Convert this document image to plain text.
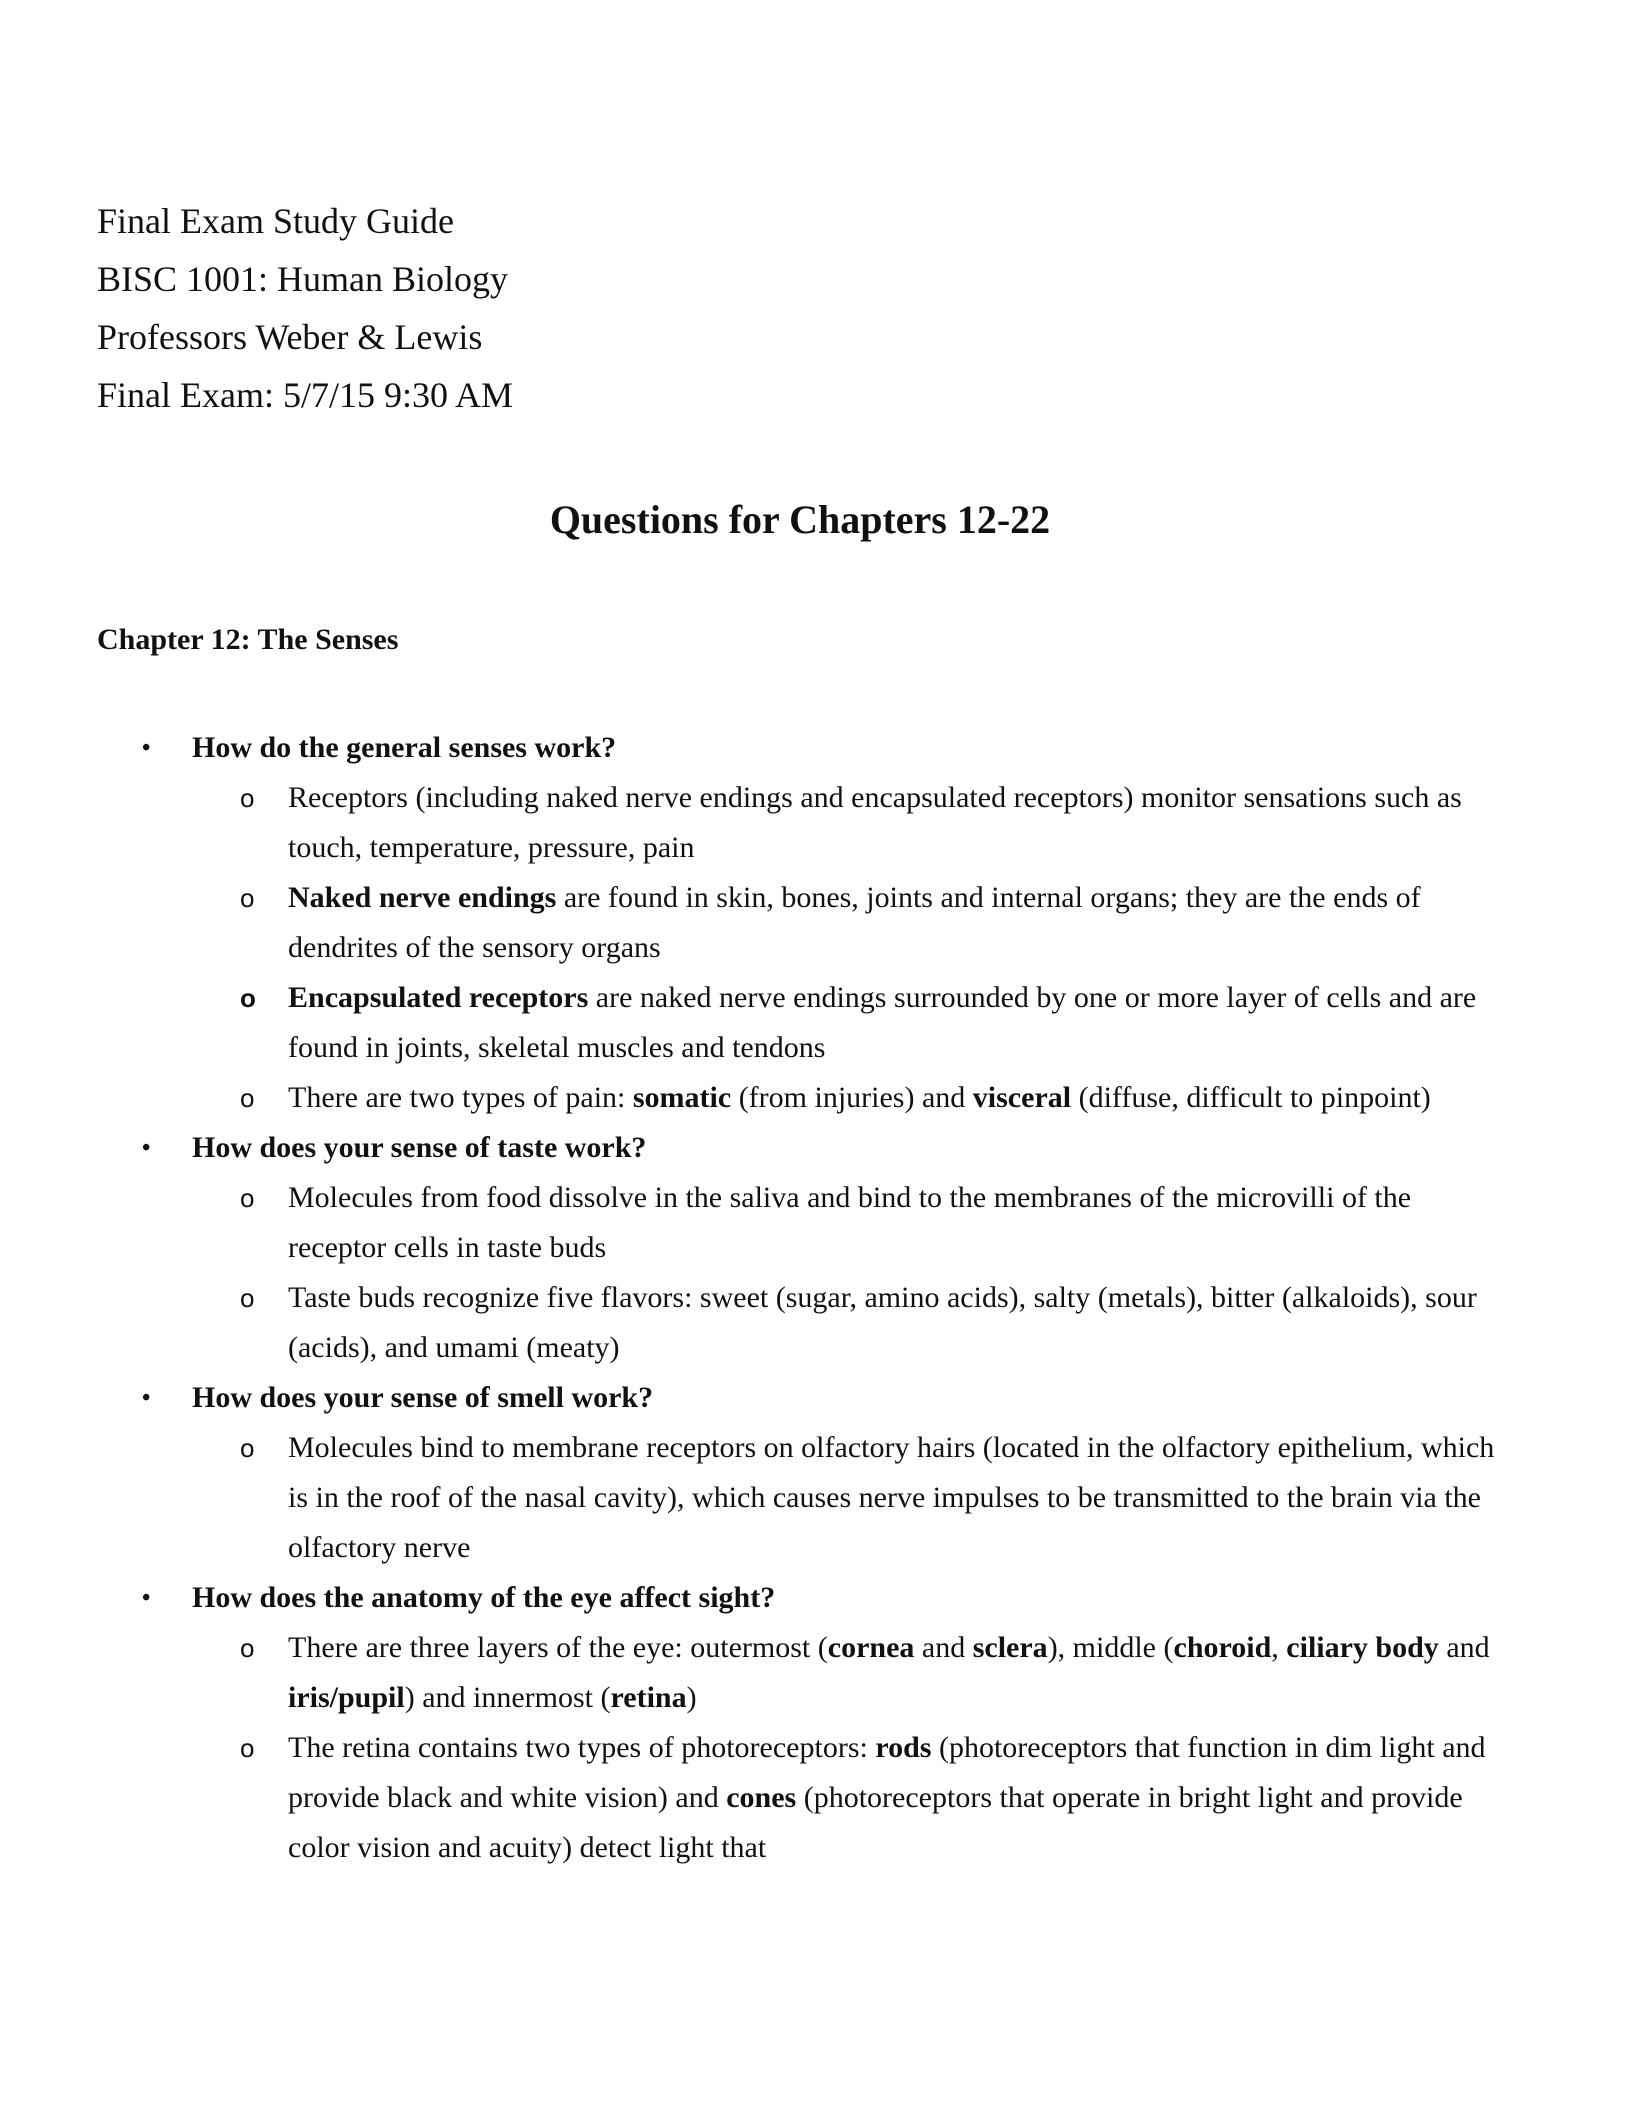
Final Exam Study Guide
BISC 1001: Human Biology
Professors Weber & Lewis
Final Exam: 5/7/15 9:30 AM
Questions for Chapters 12-22
Chapter 12: The Senses
• How do the general senses work?
o Receptors (including naked nerve endings and encapsulated receptors) monitor sensations such as touch, temperature, pressure, pain
o Naked nerve endings are found in skin, bones, joints and internal organs; they are the ends of dendrites of the sensory organs
o Encapsulated receptors are naked nerve endings surrounded by one or more layer of cells and are found in joints, skeletal muscles and tendons
o There are two types of pain: somatic (from injuries) and visceral (diffuse, difficult to pinpoint)
• How does your sense of taste work?
o Molecules from food dissolve in the saliva and bind to the membranes of the microvilli of the receptor cells in taste buds
o Taste buds recognize five flavors: sweet (sugar, amino acids), salty (metals), bitter (alkaloids), sour (acids), and umami (meaty)
• How does your sense of smell work?
o Molecules bind to membrane receptors on olfactory hairs (located in the olfactory epithelium, which is in the roof of the nasal cavity), which causes nerve impulses to be transmitted to the brain via the olfactory nerve
• How does the anatomy of the eye affect sight?
o There are three layers of the eye: outermost (cornea and sclera), middle (choroid, ciliary body and iris/pupil) and innermost (retina)
o The retina contains two types of photoreceptors: rods (photoreceptors that function in dim light and provide black and white vision) and cones (photoreceptors that operate in bright light and provide color vision and acuity) detect light that
